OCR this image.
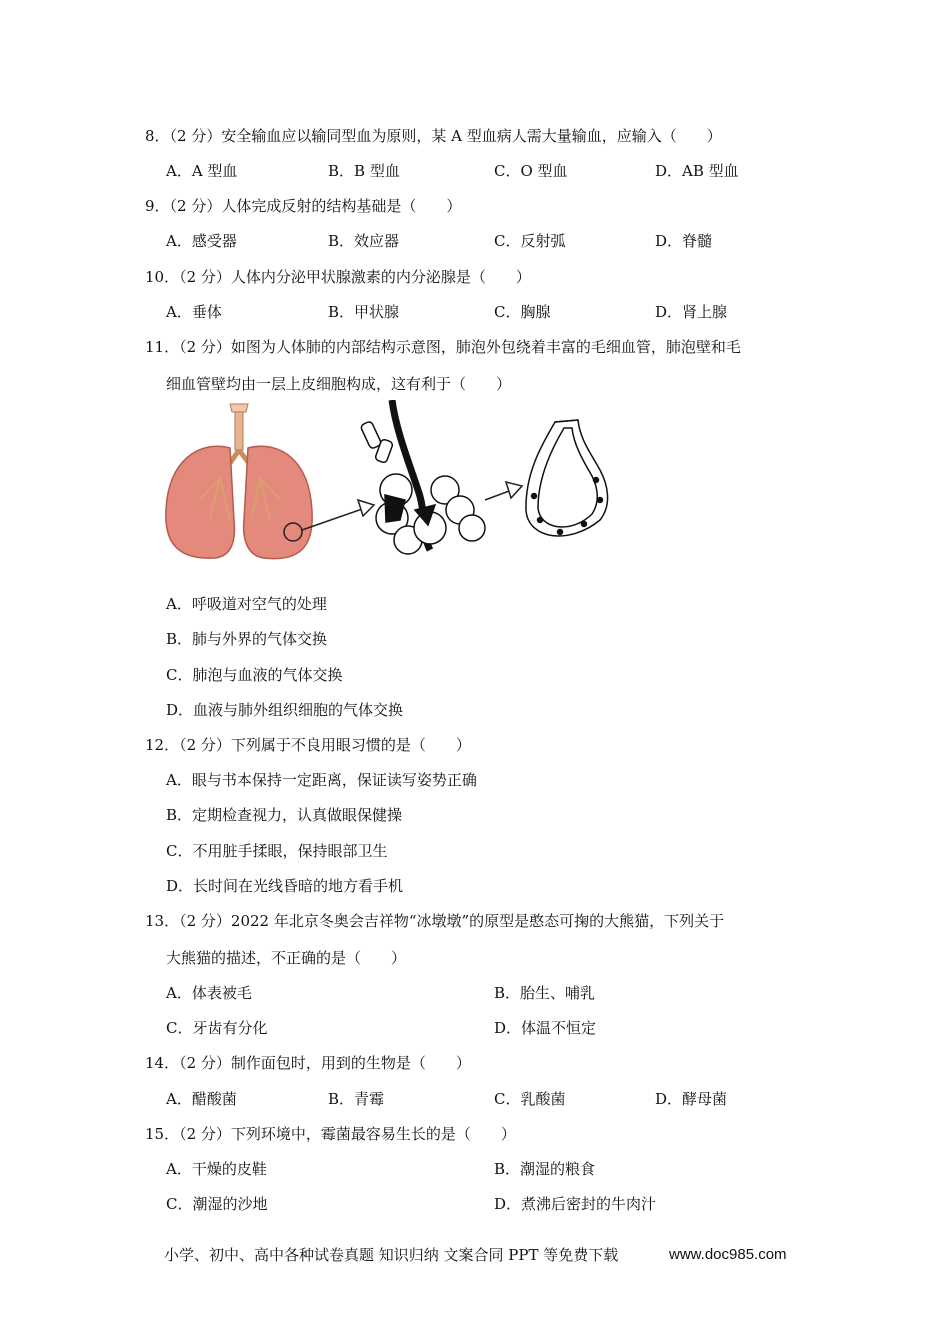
8．（2 分）安全输血应以输同型血为原则，某 A 型血病人需大量输血，应输入（　　）
A．A 型血	B．B 型血	C．O 型血	D．AB 型血
9．（2 分）人体完成反射的结构基础是（　　）
A．感受器	B．效应器	C．反射弧	D．脊髓
10．（2 分）人体内分泌甲状腺激素的内分泌腺是（　　）
A．垂体	B．甲状腺	C．胸腺	D．肾上腺
11．（2 分）如图为人体肺的内部结构示意图，肺泡外包绕着丰富的毛细血管，肺泡壁和毛
细血管壁均由一层上皮细胞构成，这有利于（　　）
A．呼吸道对空气的处理
B．肺与外界的气体交换
C．肺泡与血液的气体交换
D．血液与肺外组织细胞的气体交换
12．（2 分）下列属于不良用眼习惯的是（　　）
A．眼与书本保持一定距离，保证读写姿势正确
B．定期检查视力，认真做眼保健操
C．不用脏手揉眼，保持眼部卫生
D．长时间在光线昏暗的地方看手机
13．（2 分）2022 年北京冬奥会吉祥物“冰墩墩”的原型是憨态可掬的大熊猫，下列关于
大熊猫的描述，不正确的是（　　）
A．体表被毛	B．胎生、哺乳
C．牙齿有分化	D．体温不恒定
14．（2 分）制作面包时，用到的生物是（　　）
A．醋酸菌	B．青霉	C．乳酸菌	D．酵母菌
15．（2 分）下列环境中，霉菌最容易生长的是（　　）
A．干燥的皮鞋	B．潮湿的粮食
C．潮湿的沙地	D．煮沸后密封的牛肉汁
小学、初中、高中各种试卷真题 知识归纳 文案合同 PPT 等免费下载	www.doc985.com
